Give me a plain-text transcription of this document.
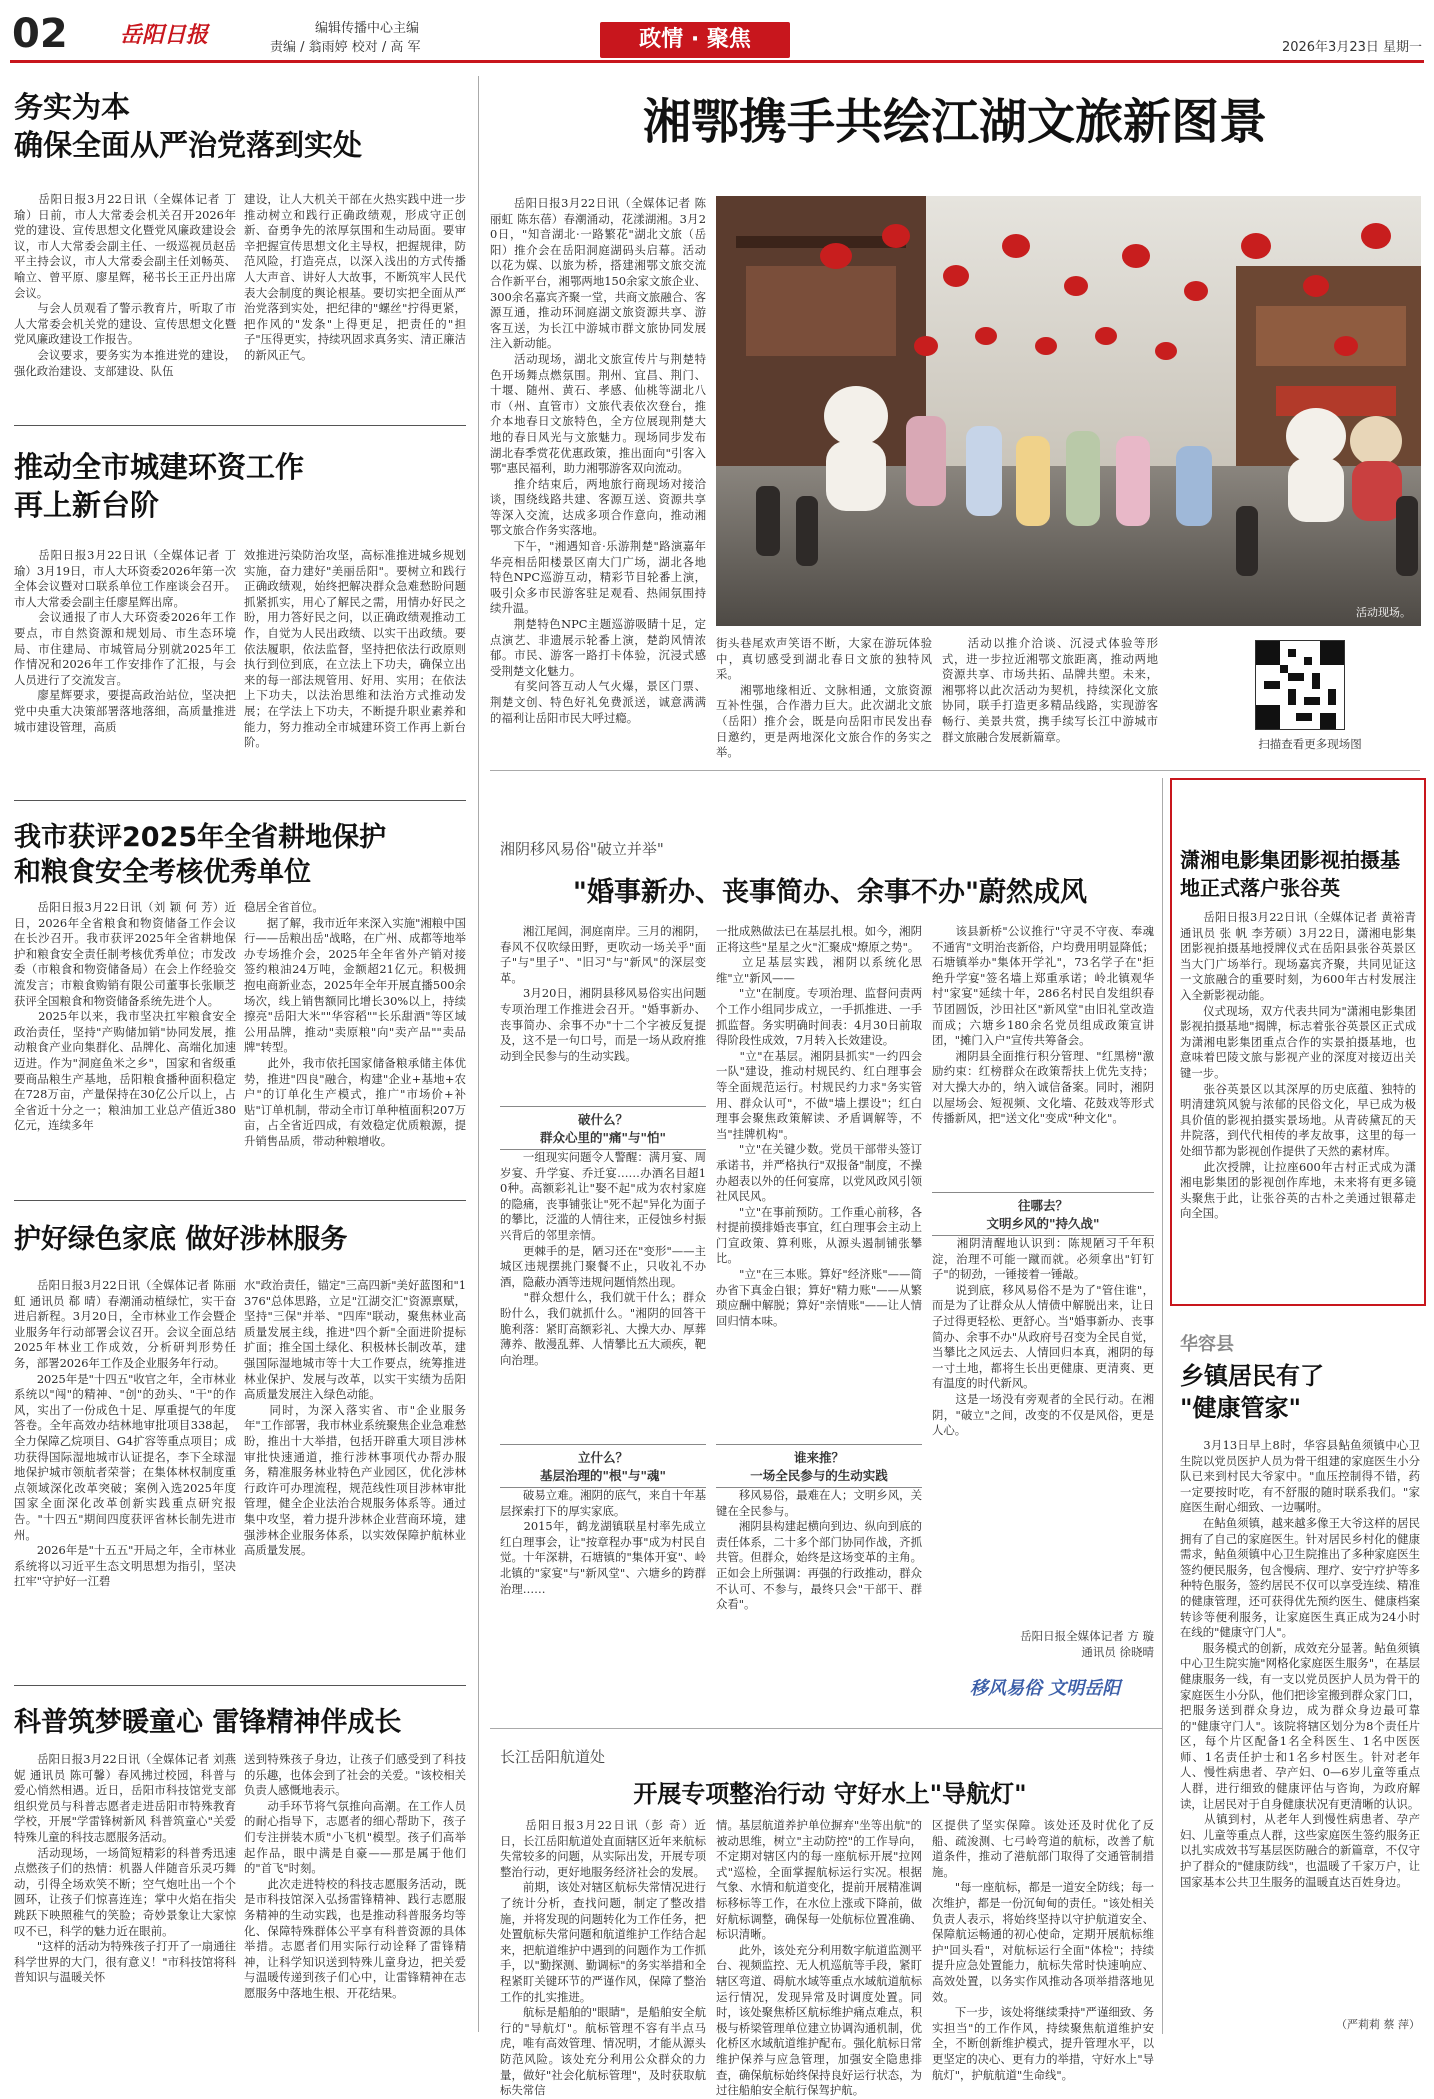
02 岳阳日报	编辑传播中心主编
责编 / 翁雨婷 校对 / 高 军	政情 · 聚焦	2026年3月23日 星期一
务实为本
确保全面从严治党落到实处
　　岳阳日报3月22日讯（全媒体记者 丁 瑜）日前，市人大常委会机关召开2026年党的建设、宣传思想文化暨党风廉政建设会议，市人大常委会副主任、一级巡视员赵岳平主持会议，市人大常委会副主任刘畅英、喻立、曾平原、廖星辉，秘书长王正丹出席会议。
　　与会人员观看了警示教育片，听取了市人大常委会机关党的建设、宣传思想文化暨党风廉政建设工作报告。
　　会议要求，要务实为本推进党的建设，强化政治建设、支部建设、队伍
建设，让人大机关干部在火热实践中进一步推动树立和践行正确政绩观，形成守正创新、奋勇争先的浓厚氛围和生动局面。要审辛把握宣传思想文化主导权，把握规律，防范风险，打造亮点，以深入浅出的方式传播人大声音、讲好人大故事，不断筑牢人民代表大会制度的舆论根基。要切实把全面从严治党落到实处，把纪律的"螺丝"拧得更紧，把作风的"发条"上得更足，把责任的"担子"压得更实，持续巩固求真务实、清正廉洁的新风正气。
推动全市城建环资工作
再上新台阶
　　岳阳日报3月22日讯（全媒体记者 丁 瑜）3月19日，市人大环资委2026年第一次全体会议暨对口联系单位工作座谈会召开。市人大常委会副主任廖星辉出席。
　　会议通报了市人大环资委2026年工作要点，市自然资源和规划局、市生态环境局、市住建局、市城管局分别就2025年工作情况和2026年工作安排作了汇报，与会人员进行了交流发言。
　　廖星辉要求，要提高政治站位，坚决把党中央重大决策部署落地落细，高质量推进城市建设管理，高质
效推进污染防治攻坚，高标准推进城乡规划实施，奋力建好"美丽岳阳"。要树立和践行正确政绩观，始终把解决群众急难愁盼问题抓紧抓实，用心了解民之需，用情办好民之盼，用力答好民之问，以正确政绩观推动工作，自觉为人民出政绩、以实干出政绩。要依法履职，依法监督，坚持把依法行政原则执行到位到底，在立法上下功夫，确保立出来的每一部法规管用、好用、实用；在依法上下功夫，以法治思维和法治方式推动发展；在学法上下功夫，不断提升职业素养和能力，努力推动全市城建环资工作再上新台阶。
我市获评2025年全省耕地保护
和粮食安全考核优秀单位
　　岳阳日报3月22日讯（刘 颖 何 芳）近日，2026年全省粮食和物资储备工作会议在长沙召开。我市获评2025年全省耕地保护和粮食安全责任制考核优秀单位；市发改委（市粮食和物资储备局）在会上作经验交流发言；市粮食购销有限公司董事长张顺芝获评全国粮食和物资储备系统先进个人。
　　2025年以来，我市坚决扛牢粮食安全政治责任，坚持"产购储加销"协同发展，推动粮食产业向集群化、品牌化、高端化加速迈进。作为"洞庭鱼米之乡"，国家和省级重要商品粮生产基地，岳阳粮食播种面积稳定在728万亩，产量保持在30亿公斤以上，占全省近十分之一；粮油加工业总产值近380亿元，连续多年
稳居全省首位。
　　据了解，我市近年来深入实施"湘粮中国行——岳粮出岳"战略，在广州、成都等地举办专场推介会，2025年全年省外产销对接签约粮油24万吨，金额超21亿元。积极拥抱电商新业态，2025年全年开展直播500余场次，线上销售额同比增长30%以上，持续擦亮"岳阳大米""华容稻""长乐甜酒"等区域公用品牌，推动"卖原粮"向"卖产品""卖品牌"转型。
　　此外，我市依托国家储备粮承储主体优势，推进"四良"融合，构建"企业+基地+农户"的订单化生产模式，推广"市场价+补贴"订单机制，带动全市订单种植面积207万亩，占全省近四成，有效稳定优质粮源，提升销售品质，带动种粮增收。
护好绿色家底 做好涉林服务
　　岳阳日报3月22日讯（全媒体记者 陈丽虹 通讯员 郗 晴）春潮涌动植绿忙，实干奋进启新程。3月20日，全市林业工作会暨企业服务年行动部署会议召开。会议全面总结2025年林业工作成效，分析研判形势任务，部署2026年工作及企业服务年行动。
　　2025年是"十四五"收官之年，全市林业系统以"闯"的精神、"创"的劲头、"干"的作风，实出了一份成色十足、厚重提气的年度答卷。全年高效办结林地审批项目338起，全力保障乙烷项目、G4扩容等重点项目；成功获得国际湿地城市认证提名，李下全球湿地保护城市领航者荣誉；在集体林权制度重点领域深化改革突破；案例入选2025年度国家全面深化改革创新实践重点研究报告。"十四五"期间四度获评省林长制先进市州。
　　2026年是"十五五"开局之年，全市林业系统将以习近平生态文明思想为指引，坚决扛牢"守护好一江碧
水"政治责任，锚定"三高四新"美好蓝图和"1376"总体思路，立足"江湖交汇"资源禀赋，坚持"三保"并举、"四库"联动，聚焦林业高质量发展主线，推进"四个新"全面进阶提标扩面；推全国土绿化、积极林长制改革，建强国际湿地城市等十大工作要点，统筹推进林业保护、发展与改革，以实干实绩为岳阳高质量发展注入绿色动能。
　　同时，为深入落实省、市"企业服务年"工作部署，我市林业系统聚焦企业急难愁盼，推出十大举措，包括开辟重大项目涉林审批快速通道，推行涉林事项代办帮办服务，精准服务林业特色产业园区，优化涉林行政许可办理流程，规范线性项目涉林审批管理，健全企业法治合规服务体系等。通过集中攻坚，着力提升涉林企业营商环境，建强涉林企业服务体系，以实效保障护航林业高质量发展。
科普筑梦暖童心 雷锋精神伴成长
　　岳阳日报3月22日讯（全媒体记者 刘燕妮 通讯员 陈可馨）春风拂过校园，科普与爱心悄然相遇。近日，岳阳市科技馆党支部组织党员与科普志愿者走进岳阳市特殊教育学校，开展"学雷锋树新风 科普筑童心"关爱特殊儿童的科技志愿服务活动。
　　活动现场，一场简短精彩的科普秀迅速点燃孩子们的热情：机器人伴随音乐灵巧舞动，引得全场欢笑不断；空气炮吐出一个个圆环，让孩子们惊喜连连；掌中火焰在指尖跳跃下映照稚气的笑脸；奇妙景象让大家惊叹不已，科学的魅力近在眼前。
　　"这样的活动为特殊孩子打开了一扇通往科学世界的大门，很有意义！"市科技馆将科普知识与温暖关怀
送到特殊孩子身边，让孩子们感受到了科技的乐趣，也体会到了社会的关爱。"该校相关负责人感慨地表示。
　　动手环节将气氛推向高潮。在工作人员的耐心指导下，志愿者的细心帮助下，孩子们专注拼装木质"小飞机"模型。孩子们高举起作品，眼中满是自豪——那是属于他们的"首飞"时刻。
　　此次走进特校的科技志愿服务活动，既是市科技馆深入弘扬雷锋精神、践行志愿服务精神的生动实践，也是推动科普服务均等化、保障特殊群体公平享有科普资源的具体举措。志愿者们用实际行动诠释了雷锋精神，让科学知识送到特殊儿童身边，把关爱与温暖传递到孩子们心中，让雷锋精神在志愿服务中落地生根、开花结果。
湘鄂携手共绘江湖文旅新图景
　　岳阳日报3月22日讯（全媒体记者 陈丽虹 陈东蓓）春潮涌动，花漾湖湘。3月20日，"知音湖北·一路繁花"湖北文旅（岳阳）推介会在岳阳洞庭湖码头启幕。活动以花为媒、以旅为桥，搭建湘鄂文旅交流合作新平台，湘鄂两地150余家文旅企业、300余名嘉宾齐聚一堂，共商文旅融合、客源互通，推动环洞庭湖文旅资源共享、游客互送，为长江中游城市群文旅协同发展注入新动能。
　　活动现场，湖北文旅宣传片与荆楚特色开场舞点燃氛围。荆州、宜昌、荆门、十堰、随州、黄石、孝感、仙桃等湖北八市（州、直管市）文旅代表依次登台，推介本地春日文旅特色，全方位展现荆楚大地的春日风光与文旅魅力。现场同步发布湖北春季赏花优惠政策，推出面向"引客入鄂"惠民福利，助力湘鄂游客双向流动。
　　推介结束后，两地旅行商现场对接洽谈，围绕线路共建、客源互送、资源共享等深入交流，达成多项合作意向，推动湘鄂文旅合作务实落地。
　　下午，"湘遇知音·乐游荆楚"路演嘉年华亮相岳阳楼景区南大门广场，湖北各地特色NPC巡游互动，精彩节目轮番上演，吸引众多市民游客驻足观看、热闹氛围持续升温。
　　荆楚特色NPC主题巡游吸睛十足，定点演艺、非遗展示轮番上演，楚韵风情浓郁。市民、游客一路打卡体验，沉浸式感受荆楚文化魅力。
　　有奖问答互动人气火爆，景区门票、荆楚文创、特色好礼免费派送，诚意满满的福利让岳阳市民大呼过瘾。
活动现场。
街头巷尾欢声笑语不断，大家在游玩体验中，真切感受到湖北春日文旅的独特风采。
　　湘鄂地缘相近、文脉相通，文旅资源互补性强，合作潜力巨大。此次湖北文旅（岳阳）推介会，既是向岳阳市民发出春日邀约，更是两地深化文旅合作的务实之举。
　　活动以推介洽谈、沉浸式体验等形式，进一步拉近湘鄂文旅距离，推动两地资源共享、市场共拓、品牌共塑。未来，湘鄂将以此次活动为契机，持续深化文旅协同，联手打造更多精品线路，实现游客畅行、美景共赏，携手续写长江中游城市群文旅融合发展新篇章。
扫描查看更多现场图
湘阴移风易俗"破立并举"
"婚事新办、丧事简办、余事不办"蔚然成风
　　湘江尾闾，洞庭南岸。三月的湘阴，春风不仅吹绿田野，更吹动一场关乎"面子"与"里子"、"旧习"与"新风"的深层变革。
　　3月20日，湘阴县移风易俗实出问题专项治理工作推进会召开。"婚事新办、丧事简办、余事不办"十二个字被反复提及，这不是一句口号，而是一场从政府推动到全民参与的生动实践。
破什么？
群众心里的"痛"与"怕"
　　一组现实问题令人警醒：满月宴、周岁宴、升学宴、乔迁宴……办酒名目超10种。高额彩礼让"娶不起"成为农村家庭的隐痛，丧事铺张让"死不起"异化为面子的攀比，泛滥的人情往来，正侵蚀乡村振兴背后的邻里亲情。
　　更棘手的是，陋习还在"变形"——主城区违规摆挑门聚餐不止，只收礼不办酒，隐蔽办酒等违规问题悄然出现。
　　"群众想什么，我们就干什么；群众盼什么，我们就抓什么。"湘阴的回答干脆利落：紧盯高额彩礼、大操大办、厚葬薄养、散漫乱葬、人情攀比五大顽疾，靶向治理。
立什么？
基层治理的"根"与"魂"
　　破易立难。湘阴的底气，来自十年基层探索打下的厚实家底。
　　2015年，鹤龙湖镇联星村率先成立红白理事会，让"按章程办事"成为村民自觉。十年深耕，石塘镇的"集体开宴"、岭北镇的"家宴"与"新风堂"、六塘乡的跨群治理……
一批成熟做法已在基层扎根。如今，湘阴正将这些"星星之火"汇聚成"燎原之势"。
　　立足基层实践，湘阴以系统化思维"立"新风——
　　"立"在制度。专项治理、监督问责两个工作小组同步成立，一手抓推进、一手抓监督。务实明确时间表：4月30日前取得阶段性成效，7月转入长效建设。
　　"立"在基层。湘阴县抓实"一约四会一队"建设，推动村规民约、红白理事会等全面规范运行。村规民约力求"务实管用、群众认可"，不做"墙上摆设"；红白理事会聚焦政策解读、矛盾调解等，不当"挂牌机构"。
　　"立"在关键少数。党员干部带头签订承诺书，并严格执行"双报备"制度，不操办超表以外的任何宴席，以党风政风引领社风民风。
　　"立"在事前预防。工作重心前移，各村提前摸排婚丧事宜，红白理事会主动上门宣政策、算利账，从源头遏制铺张攀比。
　　"立"在三本账。算好"经济账"——简办省下真金白银；算好"精力账"——从繁琐应酬中解脱；算好"亲情账"——让人情回归情本味。
谁来推？
一场全民参与的生动实践
　　移风易俗，最难在人；文明乡风，关键在全民参与。
　　湘阴县构建起横向到边、纵向到底的责任体系，二十多个部门协同作战，齐抓共管。但群众，始终是这场变革的主角。正如会上所强调：再强的行政推动，群众不认可、不参与，最终只会"干部干、群众看"。
　　该县新桥"公议推行"守灵不守夜、奉魂不通宵"文明治丧新俗，户均费用明显降低；石塘镇举办"集体开学礼"，73名学子在"拒绝升学宴"签名墙上郑重承诺；岭北镇观华村"家宴"延续十年，286名村民自发组织春节团圆饭，沙田社区"新风堂"由旧礼堂改造而成；六塘乡180余名党员组成政策宣讲团，"摊门入户"宣传共筹备会。
　　湘阴县全面推行积分管理、"红黑榜"激励约束：红榜群众在政策帮扶上优先支持；对大操大办的，纳入诚信备案。同时，湘阴以屋场会、短视频、文化墙、花鼓戏等形式传播新风，把"送文化"变成"种文化"。
往哪去？
文明乡风的"持久战"
　　湘阴清醒地认识到：陈规陋习千年积淀，治理不可能一蹴而就。必须拿出"钉钉子"的韧劲，一锤接着一锤敲。
　　说到底，移风易俗不是为了"管住谁"，而是为了让群众从人情债中解脱出来，让日子过得更轻松、更舒心。当"婚事新办、丧事简办、余事不办"从政府号召变为全民自觉，当攀比之风远去、人情回归本真，湘阴的每一寸土地，都将生长出更健康、更清爽、更有温度的时代新风。
　　这是一场没有旁观者的全民行动。在湘阴，"破立"之间，改变的不仅是风俗，更是人心。
岳阳日报全媒体记者 方 璇
通讯员 徐晓晴
移风易俗 文明岳阳
长江岳阳航道处
开展专项整治行动 守好水上"导航灯"
　　岳阳日报3月22日讯（彭 奇）近日，长江岳阳航道处直面辖区近年来航标失常较多的问题，从实际出发，开展专项整治行动，更好地服务经济社会的发展。
　　前期，该处对辖区航标失常情况进行了统计分析，查找问题，制定了整改措施，并将发现的问题转化为工作任务，把处置航标失常问题和航道维护工作结合起来，把航道维护中遇到的问题作为工作抓手，以"勤探测、勤调标"的务实举措和全程紧盯关键环节的严谨作风，保障了整治工作的扎实推进。
　　航标是船舶的"眼睛"，是船舶安全航行的"导航灯"。航标管理不容有半点马虎，唯有高效管理、情况明，才能从源头防范风险。该处充分利用公众群众的力量，做好"社会化航标管理"，及时获取航标失常信
情。基层航道养护单位摒弃"坐等出航"的被动思维，树立"主动防控"的工作导向，不定期对辖区内的每一座航标开展"拉网式"巡检，全面掌握航标运行实况。根据气象、水情和航道变化，提前开展精准调标移标等工作，在水位上涨或下降前，做好航标调整，确保每一处航标位置准确、标识清晰。
　　此外，该处充分利用数字航道监测平台、视频监控、无人机巡航等手段，紧盯辖区弯道、碍航水域等重点水域航道航标运行情况，发现异常及时调度处置。同时，该处聚焦桥区航标维护痛点难点，积极与桥梁管理单位建立协调沟通机制，优化桥区水域航道维护配布。强化航标日常维护保养与应急管理，加强安全隐患排查，确保航标始终保持良好运行状态，为过往船舶安全航行保驾护航。
区提供了坚实保障。该处还及时优化了反船、疏浚测、七弓岭弯道的航标，改善了航道条件，推动了港航部门取得了交通管制措施。
　　"每一座航标，都是一道安全防线；每一次维护，都是一份沉甸甸的责任。"该处相关负责人表示，将始终坚持以守护航道安全、保障航运畅通的初心使命，定期开展航标维护"回头看"，对航标运行全面"体检"；持续提升应急处置能力，航标失常时快速响应、高效处置，以务实作风推动各项举措落地见效。
　　下一步，该处将继续秉持"严谨细致、务实担当"的工作作风，持续聚焦航道维护安全，不断创新维护模式，提升管理水平，以更坚定的决心、更有力的举措，守好水上"导航灯"，护航航道"生命线"。
潇湘电影集团影视拍摄基地正式落户张谷英
　　岳阳日报3月22日讯（全媒体记者 黄裕青 通讯员 张 帆 李芳硕）3月22日，潇湘电影集团影视拍摄基地授牌仪式在岳阳县张谷英景区当大门广场举行。现场嘉宾齐聚，共同见证这一文旅融合的重要时刻，为600年古村发展注入全新影视动能。
　　仪式现场，双方代表共同为"潇湘电影集团影视拍摄基地"揭牌，标志着张谷英景区正式成为潇湘电影集团重点合作的实景拍摄基地，也意味着巴陵文旅与影视产业的深度对接迈出关键一步。
　　张谷英景区以其深厚的历史底蕴、独特的明清建筑风貌与浓郁的民俗文化，早已成为极具价值的影视拍摄实景场地。从青砖黛瓦的天井院落，到代代相传的孝友故事，这里的每一处细节都为影视创作提供了天然的素材库。
　　此次授牌，让拉座600年古村正式成为潇湘电影集团的影视创作库地，未来将有更多镜头聚焦于此，让张谷英的古朴之美通过银幕走向全国。
华容县
乡镇居民有了
"健康管家"
　　3月13日早上8时，华容县鲇鱼须镇中心卫生院以党员医护人员为骨干组建的家庭医生小分队已来到村民大爷家中。"血压控制得不错，药一定要按时吃，有不舒服的随时联系我们。"家庭医生耐心细致、一边嘱咐。
　　在鲇鱼须镇，越来越多像王大爷这样的居民拥有了自己的家庭医生。针对居民乡村化的健康需求，鲇鱼须镇中心卫生院推出了多种家庭医生签约便民服务，包含慢病、理疗、安宁疗护等多种特色服务，签约居民不仅可以享受连续、精准的健康管理，还可获得优先预约医生、健康档案转诊等便利服务，让家庭医生真正成为24小时在线的"健康守门人"。
　　服务模式的创新，成效充分显著。鲇鱼须镇中心卫生院实施"网格化家庭医生服务"，在基层健康服务一线，有一支以党员医护人员为骨干的家庭医生小分队，他们把诊室搬到群众家门口，把服务送到群众身边，成为群众身边最可靠的"健康守门人"。该院将辖区划分为8个责任片区，每个片区配备1名全科医生、1名中医医师、1名责任护士和1名乡村医生。针对老年人、慢性病患者、孕产妇、0—6岁儿童等重点人群，进行细致的健康评估与咨询，为政府解读，让居民对于自身健康状况有更清晰的认识。
　　从镇到村，从老年人到慢性病患者、孕产妇、儿童等重点人群，这些家庭医生签约服务正以扎实成效书写基层医防融合的新篇章，不仅守护了群众的"健康防线"，也温暖了千家万户，让国家基本公共卫生服务的温暖直达百姓身边。
（严莉莉 蔡 萍）
